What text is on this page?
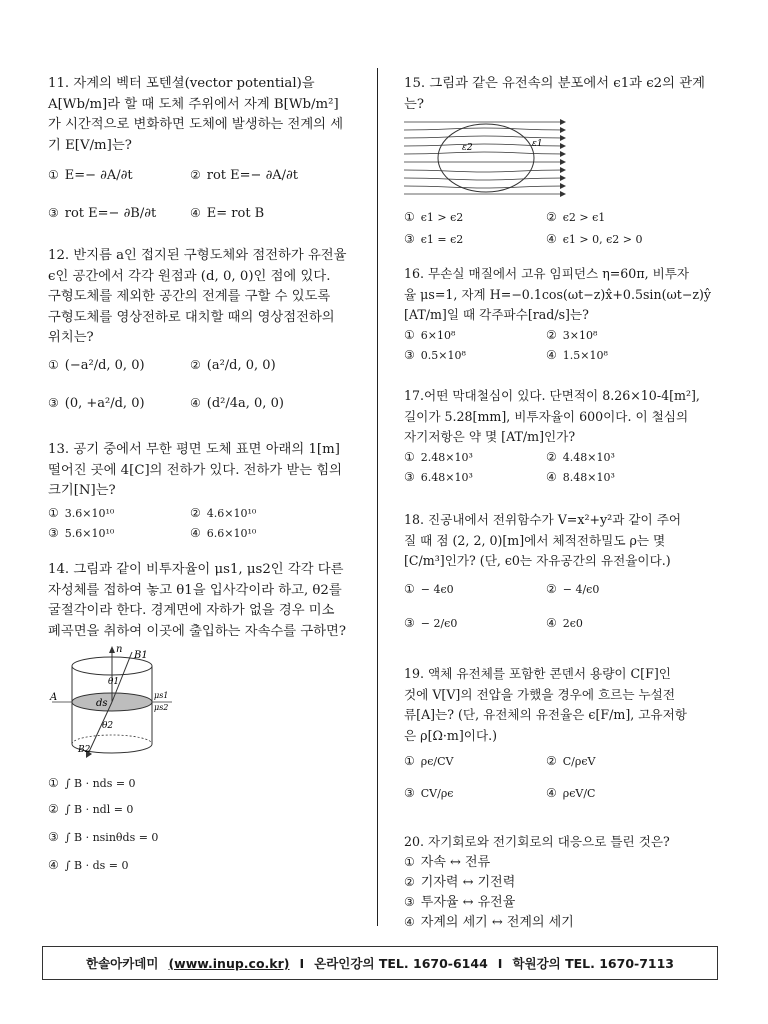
11. 자계의 벡터 포텐셜(vector potential)을
A[Wb/m]라 할 때 도체 주위에서 자계 B[Wb/m²]
가 시간적으로 변화하면 도체에 발생하는 전계의 세
기 E[V/m]는?

① E=− ∂A/∂t	② rot E=− ∂A/∂t
③ rot E=− ∂B/∂t	④ E= rot B

12. 반지름 a인 접지된 구형도체와 점전하가 유전율
ϵ인 공간에서 각각 원점과 (d, 0, 0)인 점에 있다.
구형도체를 제외한 공간의 전계를 구할 수 있도록
구형도체를 영상전하로 대치할 때의 영상점전하의
위치는?

① (−a²/d, 0, 0)	② (a²/d, 0, 0)
③ (0, +a²/d, 0)	④ (d²/4a, 0, 0)

13. 공기 중에서 무한 평면 도체 표면 아래의 1[m]
떨어진 곳에 4[C]의 전하가 있다. 전하가 받는 힘의
크기[N]는?

① 3.6×10¹⁰	② 4.6×10¹⁰
③ 5.6×10¹⁰	④ 6.6×10¹⁰

14. 그림과 같이 비투자율이 μs1, μs2인 각각 다른
자성체를 접하여 놓고 θ1을 입사각이라 하고, θ2를
굴절각이라 한다. 경계면에 자하가 없을 경우 미소
폐곡면을 취하여 이곳에 출입하는 자속수를 구하면?

n
B1
θ1
A
ds
μs1
μs2
θ2
B2
① ∫ B · nds = 0
② ∫ B · ndl = 0
③ ∫ B · nsinθds = 0
④ ∫ B · ds = 0

15. 그림과 같은 유전속의 분포에서 ϵ1과 ϵ2의 관계
는?

ε2	ε1
① ϵ1 > ϵ2	② ϵ2 > ϵ1
③ ϵ1 = ϵ2	④ ϵ1 > 0, ϵ2 > 0

16. 무손실 매질에서 고유 임피던스 η=60π, 비투자
율 μs=1, 자계 H=−0.1cos(ωt−z)x̂+0.5sin(ωt−z)ŷ
[AT/m]일 때 각주파수[rad/s]는?

① 6×10⁸	② 3×10⁸
③ 0.5×10⁸	④ 1.5×10⁸

17.어떤 막대철심이 있다. 단면적이 8.26×10-4[m²],
길이가 5.28[mm], 비투자율이 600이다. 이 철심의
자기저항은 약 몇 [AT/m]인가?

① 2.48×10³	② 4.48×10³
③ 6.48×10³	④ 8.48×10³

18. 진공내에서 전위함수가 V=x²+y²과 같이 주어
질 때 점 (2, 2, 0)[m]에서 체적전하밀도 ρ는 몇
[C/m³]인가? (단, ϵ0는 자유공간의 유전율이다.)

① − 4ϵ0	② − 4/ϵ0
③ − 2/ϵ0	④ 2ϵ0

19. 액체 유전체를 포함한 콘덴서 용량이 C[F]인
것에 V[V]의 전압을 가했을 경우에 흐르는 누설전
류[A]는? (단, 유전체의 유전율은 ϵ[F/m], 고유저항
은 ρ[Ω·m]이다.)

① ρϵ/CV	② C/ρϵV
③ CV/ρϵ	④ ρϵV/C

20. 자기회로와 전기회로의 대응으로 틀린 것은?

① 자속 ↔ 전류
② 기자력 ↔ 기전력
③ 투자율 ↔ 유전율
④ 자계의 세기 ↔ 전계의 세기
한솔아카데미 (www.inup.co.kr) I 온라인강의 TEL. 1670-6144 I 학원강의 TEL. 1670-7113
